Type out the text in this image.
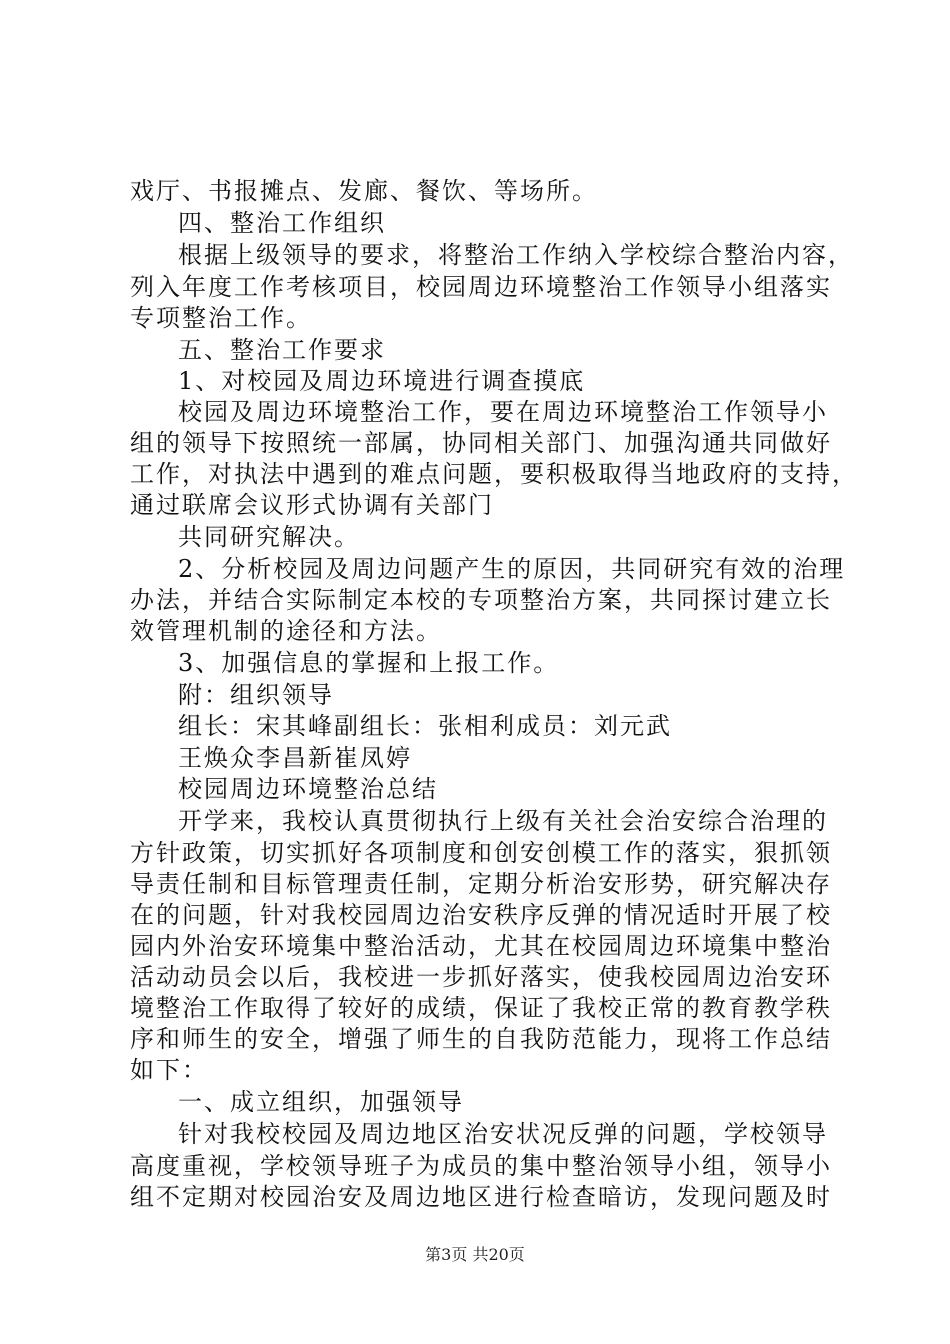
戏厅、书报摊点、发廊、餐饮、等场所。
四、整治工作组织
根据上级领导的要求，将整治工作纳入学校综合整治内容，
列入年度工作考核项目，校园周边环境整治工作领导小组落实
专项整治工作。
五、整治工作要求
1、对校园及周边环境进行调查摸底
校园及周边环境整治工作，要在周边环境整治工作领导小
组的领导下按照统一部属，协同相关部门、加强沟通共同做好
工作，对执法中遇到的难点问题，要积极取得当地政府的支持，
通过联席会议形式协调有关部门
共同研究解决。
2、分析校园及周边问题产生的原因，共同研究有效的治理
办法，并结合实际制定本校的专项整治方案，共同探讨建立长
效管理机制的途径和方法。
3、加强信息的掌握和上报工作。
附：组织领导
组长：宋其峰副组长：张相利成员：刘元武
王焕众李昌新崔凤婷
校园周边环境整治总结
开学来，我校认真贯彻执行上级有关社会治安综合治理的
方针政策，切实抓好各项制度和创安创模工作的落实，狠抓领
导责任制和目标管理责任制，定期分析治安形势，研究解决存
在的问题，针对我校园周边治安秩序反弹的情况适时开展了校
园内外治安环境集中整治活动，尤其在校园周边环境集中整治
活动动员会以后，我校进一步抓好落实，使我校园周边治安环
境整治工作取得了较好的成绩，保证了我校正常的教育教学秩
序和师生的安全，增强了师生的自我防范能力，现将工作总结
如下：
一、成立组织，加强领导
针对我校校园及周边地区治安状况反弹的问题，学校领导
高度重视，学校领导班子为成员的集中整治领导小组，领导小
组不定期对校园治安及周边地区进行检查暗访，发现问题及时
第3页 共20页
